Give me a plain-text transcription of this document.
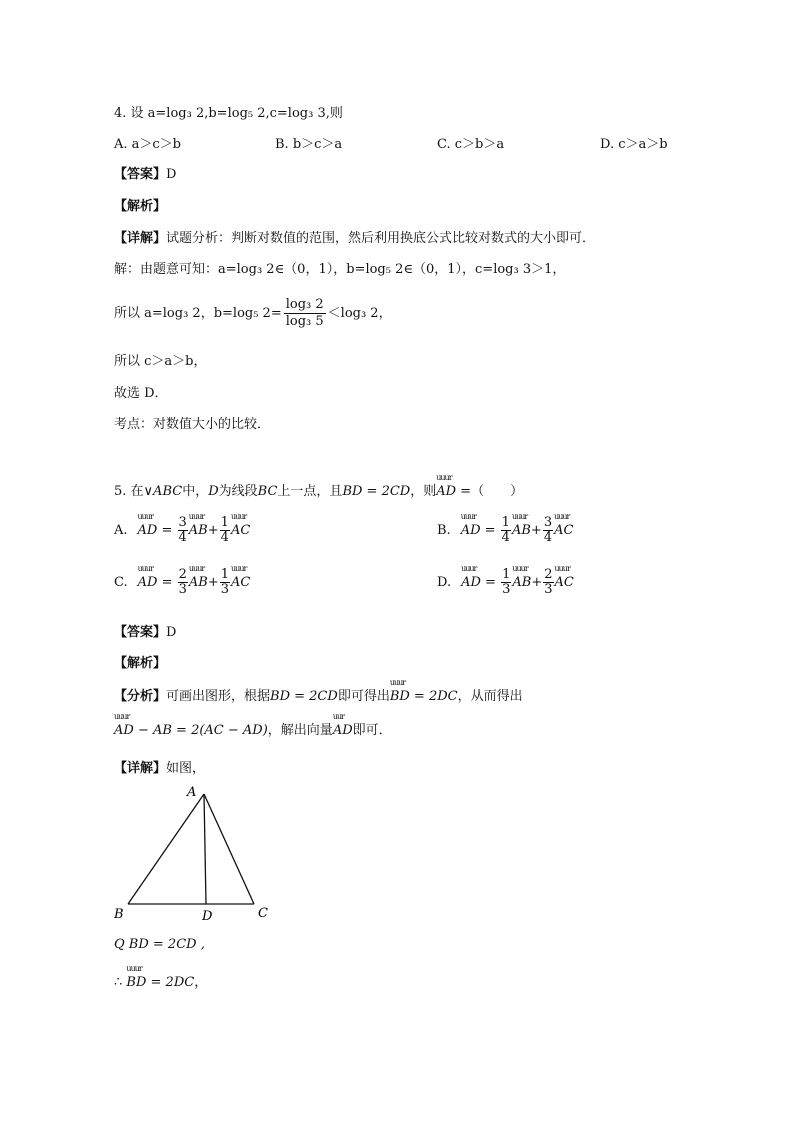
4. 设 a=log₃ 2,b=log₅ 2,c=log₃ 3,则
A. a＞c＞b	B. b＞c＞a	C. c＞b＞a	D. c＞a＞b
【答案】D
【解析】
【详解】试题分析：判断对数值的范围，然后利用换底公式比较对数式的大小即可．
解：由题意可知：a=log₃ 2∈（0，1），b=log₅ 2∈（0，1），c=log₃ 3＞1，
所以 a=log₃ 2，b=log₅ $2= \frac{\text{log₃ 2}}{\text{log₃ 5}} <\log_3$ 2，
所以 c＞a＞b，
故选 D．
考点：对数值大小的比较．
5. 在∨ABC中，D为线段BC上一点，且BD = 2CD，则
uuur
AD =（　　）
A.
uuur
AD = $\frac{3}{4}$ uuur
$AB+ \frac{1}{4}$ uuur
AC	B.
uuur
AD = $\frac{1}{4}$ uuur
$AB+ \frac{3}{4}$ uuur
AC
C.
uuur
AD = $\frac{2}{3}$ uuur
$AB+ \frac{1}{3}$ uuur
AC	D.
uuur
AD = $\frac{1}{3}$ uuur
$AB+ \frac{2}{3}$ uuur
AC
【答案】D
【解析】
【分析】可画出图形，根据BD = 2CD即可得出
uuur
BD = 2DC，从而得出
uuur
AD − AB = 2(AC − AD)，解出向量
uur
AD即可．
【详解】如图，
A
B	D	C
Q BD = 2CD ,
∴
uuur
BD = 2DC，
